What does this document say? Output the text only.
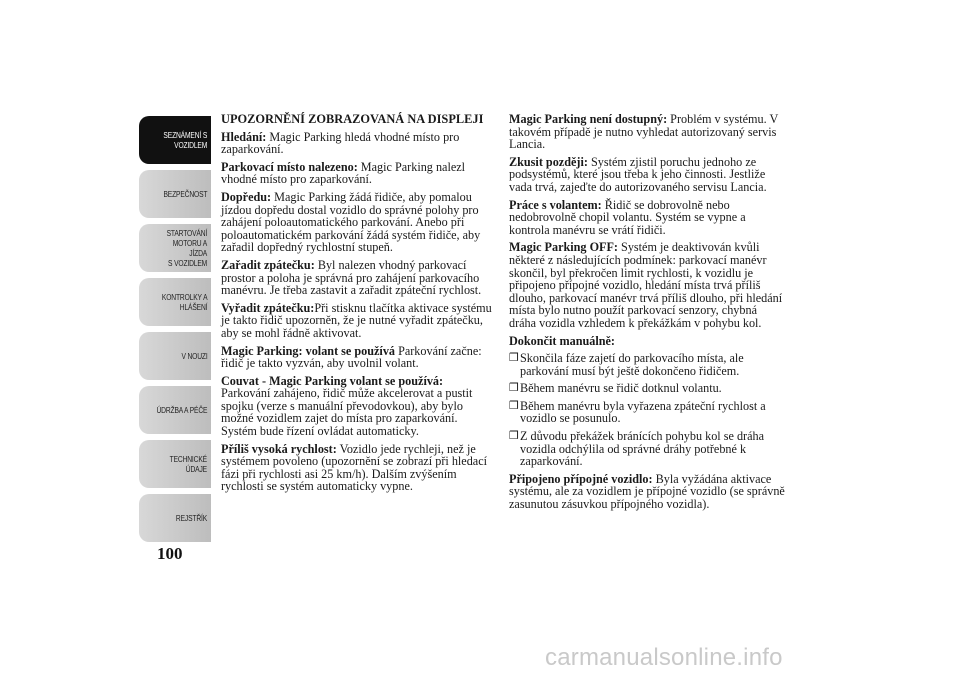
SEZNÁMENÍ S
VOZIDLEM
BEZPEČNOST
STARTOVÁNÍ
MOTORU A JÍZDA
S VOZIDLEM
KONTROLKY A
HLÁŠENÍ
V NOUZI
ÚDRŽBA A PÉČE
TECHNICKÉ
ÚDAJE
REJSTŘÍK
100
UPOZORNĚNÍ ZOBRAZOVANÁ NA DISPLEJI

Hledání: Magic Parking hledá vhodné místo pro zaparkování.

Parkovací místo nalezeno: Magic Parking nalezl vhodné místo pro zaparkování.

Dopředu: Magic Parking žádá řidiče, aby pomalou jízdou dopředu dostal vozidlo do správné polohy pro zahájení poloautomatického parkování. Anebo při poloautomatickém parkování žádá systém řidiče, aby zařadil dopředný rychlostní stupeň.

Zařadit zpátečku: Byl nalezen vhodný parkovací prostor a poloha je správná pro zahájení parkovacího manévru. Je třeba zastavit a zařadit zpáteční rychlost.

Vyřadit zpátečku:Při stisknu tlačítka aktivace systému je takto řidič upozorněn, že je nutné vyřadit zpátečku, aby se mohl řádně aktivovat.

Magic Parking: volant se používá Parkování začne: řidič je takto vyzván, aby uvolnil volant.

Couvat - Magic Parking volant se používá:
Parkování zahájeno, řidič může akcelerovat a pustit spojku (verze s manuální převodovkou), aby bylo možné vozidlem zajet do místa pro zaparkování. Systém bude řízení ovládat automaticky.

Příliš vysoká rychlost: Vozidlo jede rychleji, než je systémem povoleno (upozornění se zobrazí při hledací fázi při rychlosti asi 25 km/h). Dalším zvýšením rychlosti se systém automaticky vypne.

Magic Parking není dostupný: Problém v systému. V takovém případě je nutno vyhledat autorizovaný servis Lancia.

Zkusit později: Systém zjistil poruchu jednoho ze podsystémů, které jsou třeba k jeho činnosti. Jestliže vada trvá, zajeďte do autorizovaného servisu Lancia.

Práce s volantem: Řidič se dobrovolně nebo nedobrovolně chopil volantu. Systém se vypne a kontrola manévru se vrátí řidiči.

Magic Parking OFF: Systém je deaktivován kvůli některé z následujících podmínek: parkovací manévr skončil, byl překročen limit rychlosti, k vozidlu je připojeno přípojné vozidlo, hledání místa trvá příliš dlouho, parkovací manévr trvá příliš dlouho, při hledání místa bylo nutno použít parkovací senzory, chybná dráha vozidla vzhledem k překážkám v pohybu kol.

Dokončit manuálně:

❒ Skončila fáze zajetí do parkovacího místa, ale parkování musí být ještě dokončeno řidičem.
❒ Během manévru se řidič dotknul volantu.
❒ Během manévru byla vyřazena zpáteční rychlost a vozidlo se posunulo.
❒ Z důvodu překážek bránících pohybu kol se dráha vozidla odchýlila od správné dráhy potřebné k zaparkování.

Připojeno přípojné vozidlo: Byla vyžádána aktivace systému, ale za vozidlem je přípojné vozidlo (se správně zasunutou zásuvkou přípojného vozidla).

carmanualsonline.info
